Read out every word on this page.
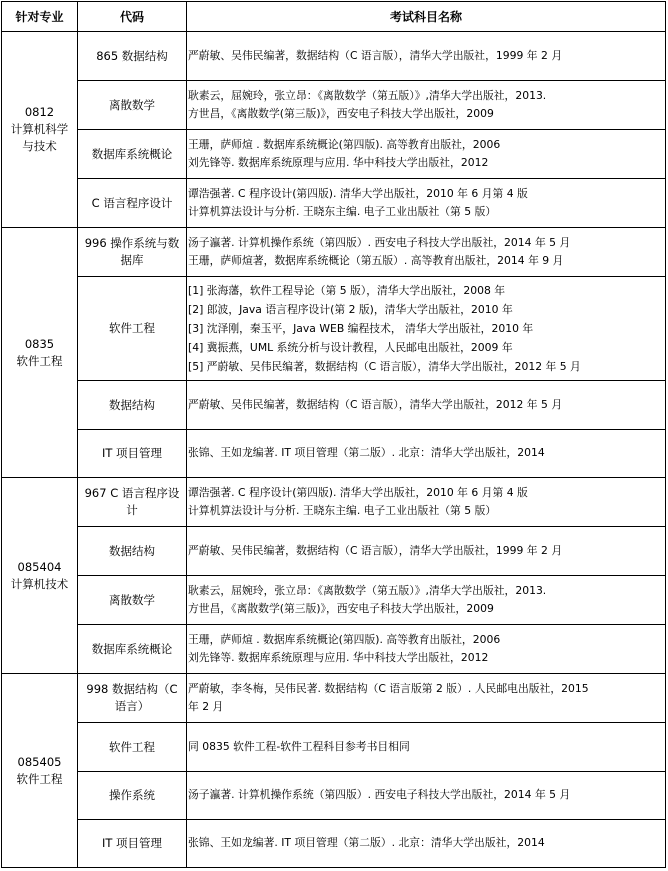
针对专业	代码	考试科目名称

0812
计算机科学
与技术	865 数据结构	严蔚敏、吴伟民编著，数据结构（C 语言版），清华大学出版社，1999 年 2 月

	离散数学	耿素云，屈婉玲，张立昂：《离散数学（第五版）》,清华大学出版社，2013.
方世昌，《离散数学(第三版)》，西安电子科技大学出版社，2009

	数据库系统概论	王珊，萨师煊 . 数据库系统概论(第四版). 高等教育出版社，2006
刘先锋等. 数据库系统原理与应用. 华中科技大学出版社，2012

	C 语言程序设计	谭浩强著. C 程序设计(第四版). 清华大学出版社，2010 年 6 月第 4 版
计算机算法设计与分析. 王晓东主编. 电子工业出版社（第 5 版）

0835
软件工程	996 操作系统与数据库	汤子瀛著. 计算机操作系统（第四版）. 西安电子科技大学出版社，2014 年 5 月
王珊，萨师煊著，数据库系统概论（第五版）. 高等教育出版社，2014 年 9 月

	软件工程	[1] 张海藩，软件工程导论（第 5 版），清华大学出版社，2008 年
[2] 郎波，Java 语言程序设计(第 2 版)，清华大学出版社，2010 年
[3] 沈泽刚，秦玉平，Java WEB 编程技术， 清华大学出版社，2010 年
[4] 冀振燕，UML 系统分析与设计教程，人民邮电出版社，2009 年
[5] 严蔚敏、吴伟民编著，数据结构（C 语言版），清华大学出版社，2012 年 5 月

	数据结构	严蔚敏、吴伟民编著，数据结构（C 语言版），清华大学出版社，2012 年 5 月

	IT 项目管理	张锦、王如龙编著. IT 项目管理（第二版）. 北京：清华大学出版社，2014

085404
计算机技术	967 C 语言程序设计	谭浩强著. C 程序设计(第四版). 清华大学出版社，2010 年 6 月第 4 版
计算机算法设计与分析. 王晓东主编. 电子工业出版社（第 5 版）

	数据结构	严蔚敏、吴伟民编著，数据结构（C 语言版），清华大学出版社，1999 年 2 月

	离散数学	耿素云，屈婉玲，张立昂：《离散数学（第五版）》,清华大学出版社，2013.
方世昌，《离散数学(第三版)》，西安电子科技大学出版社，2009

	数据库系统概论	王珊，萨师煊 . 数据库系统概论(第四版). 高等教育出版社，2006
刘先锋等. 数据库系统原理与应用. 华中科技大学出版社，2012

085405
软件工程	998 数据结构（C 语言）	严蔚敏，李冬梅，吴伟民著. 数据结构（C 语言版第 2 版）. 人民邮电出版社，2015
年 2 月

	软件工程	同 0835 软件工程-软件工程科目参考书目相同

	操作系统	汤子瀛著. 计算机操作系统（第四版）. 西安电子科技大学出版社，2014 年 5 月

	IT 项目管理	张锦、王如龙编著. IT 项目管理（第二版）. 北京：清华大学出版社，2014
